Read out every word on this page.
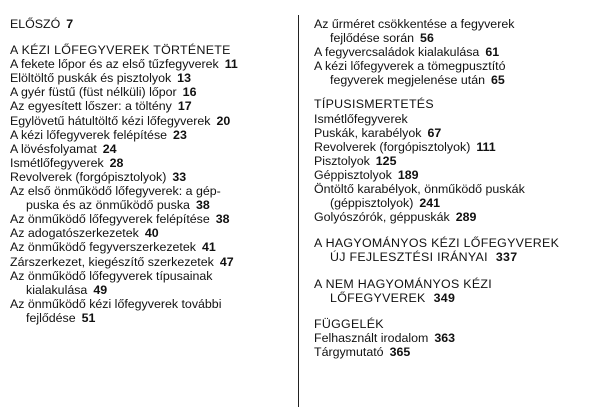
ELŐSZÓ 7

A KÉZI LŐFEGYVEREK TÖRTÉNETE

A fekete lőpor és az első tűzfegyverek 11

Elöltöltő puskák és pisztolyok 13

A gyér füstű (füst nélküli) lőpor 16

Az egyesített lőszer: a töltény 17

Egylövetű hátultöltő kézi lőfegyverek 20

A kézi lőfegyverek felépítése 23

A lövésfolyamat 24

Ismétlőfegyverek 28

Revolverek (forgópisztolyok) 33

Az első önműködő lőfegyverek: a gép-

puska és az önműködő puska 38

Az önműködő lőfegyverek felépítése 38

Az adogatószerkezetek 40

Az önműködő fegyverszerkezetek 41

Zárszerkezet, kiegészítő szerkezetek 47

Az önműködő lőfegyverek típusainak

kialakulása 49

Az önműködő kézi lőfegyverek további

fejlődése 51

Az űrméret csökkentése a fegyverek

fejlődése során 56

A fegyvercsaládok kialakulása 61

A kézi lőfegyverek a tömegpusztító

fegyverek megjelenése után 65

TÍPUSISMERTETÉS

Ismétlőfegyverek

Puskák, karabélyok 67

Revolverek (forgópisztolyok) 111

Pisztolyok 125

Géppisztolyok 189

Öntöltő karabélyok, önműködő puskák

(géppisztolyok) 241

Golyószórók, géppuskák 289

A HAGYOMÁNYOS KÉZI LŐFEGYVEREK

ÚJ FEJLESZTÉSI IRÁNYAI 337

A NEM HAGYOMÁNYOS KÉZI

LŐFEGYVEREK 349

FÜGGELÉK

Felhasznált irodalom 363

Tárgymutató 365
